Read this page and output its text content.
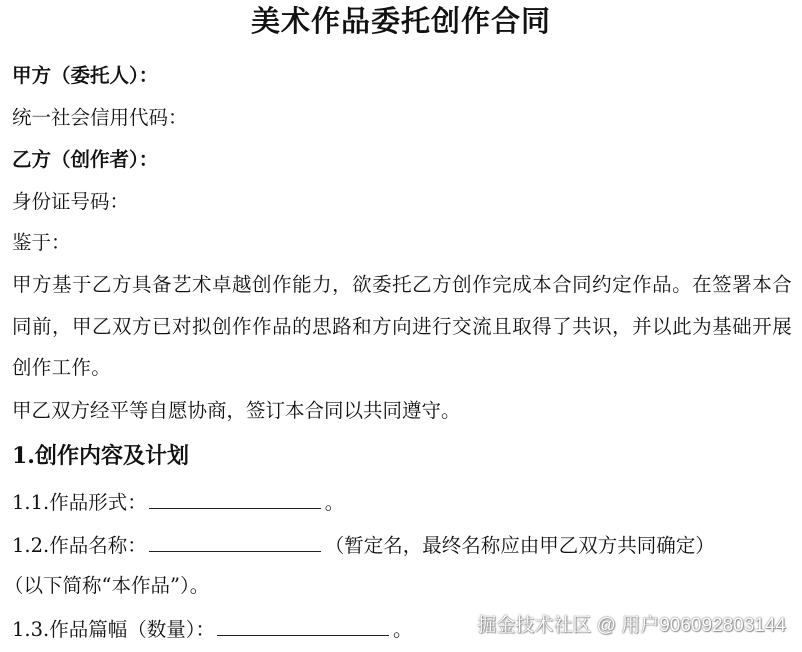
美术作品委托创作合同
甲方（委托人）：
统一社会信用代码：
乙方（创作者）：
身份证号码：
鉴于：
甲方基于乙方具备艺术卓越创作能力，欲委托乙方创作完成本合同约定作品。在签署本合同前，甲乙双方已对拟创作作品的思路和方向进行交流且取得了共识，并以此为基础开展创作工作。
甲乙双方经平等自愿协商，签订本合同以共同遵守。
1.创作内容及计划
1.1.作品形式：	。
1.2.作品名称：	（暂定名，最终名称应由甲乙双方共同确定）
（以下简称“本作品”）。
1.3.作品篇幅（数量）：	。	掘金技术社区 @ 用户906092803144
